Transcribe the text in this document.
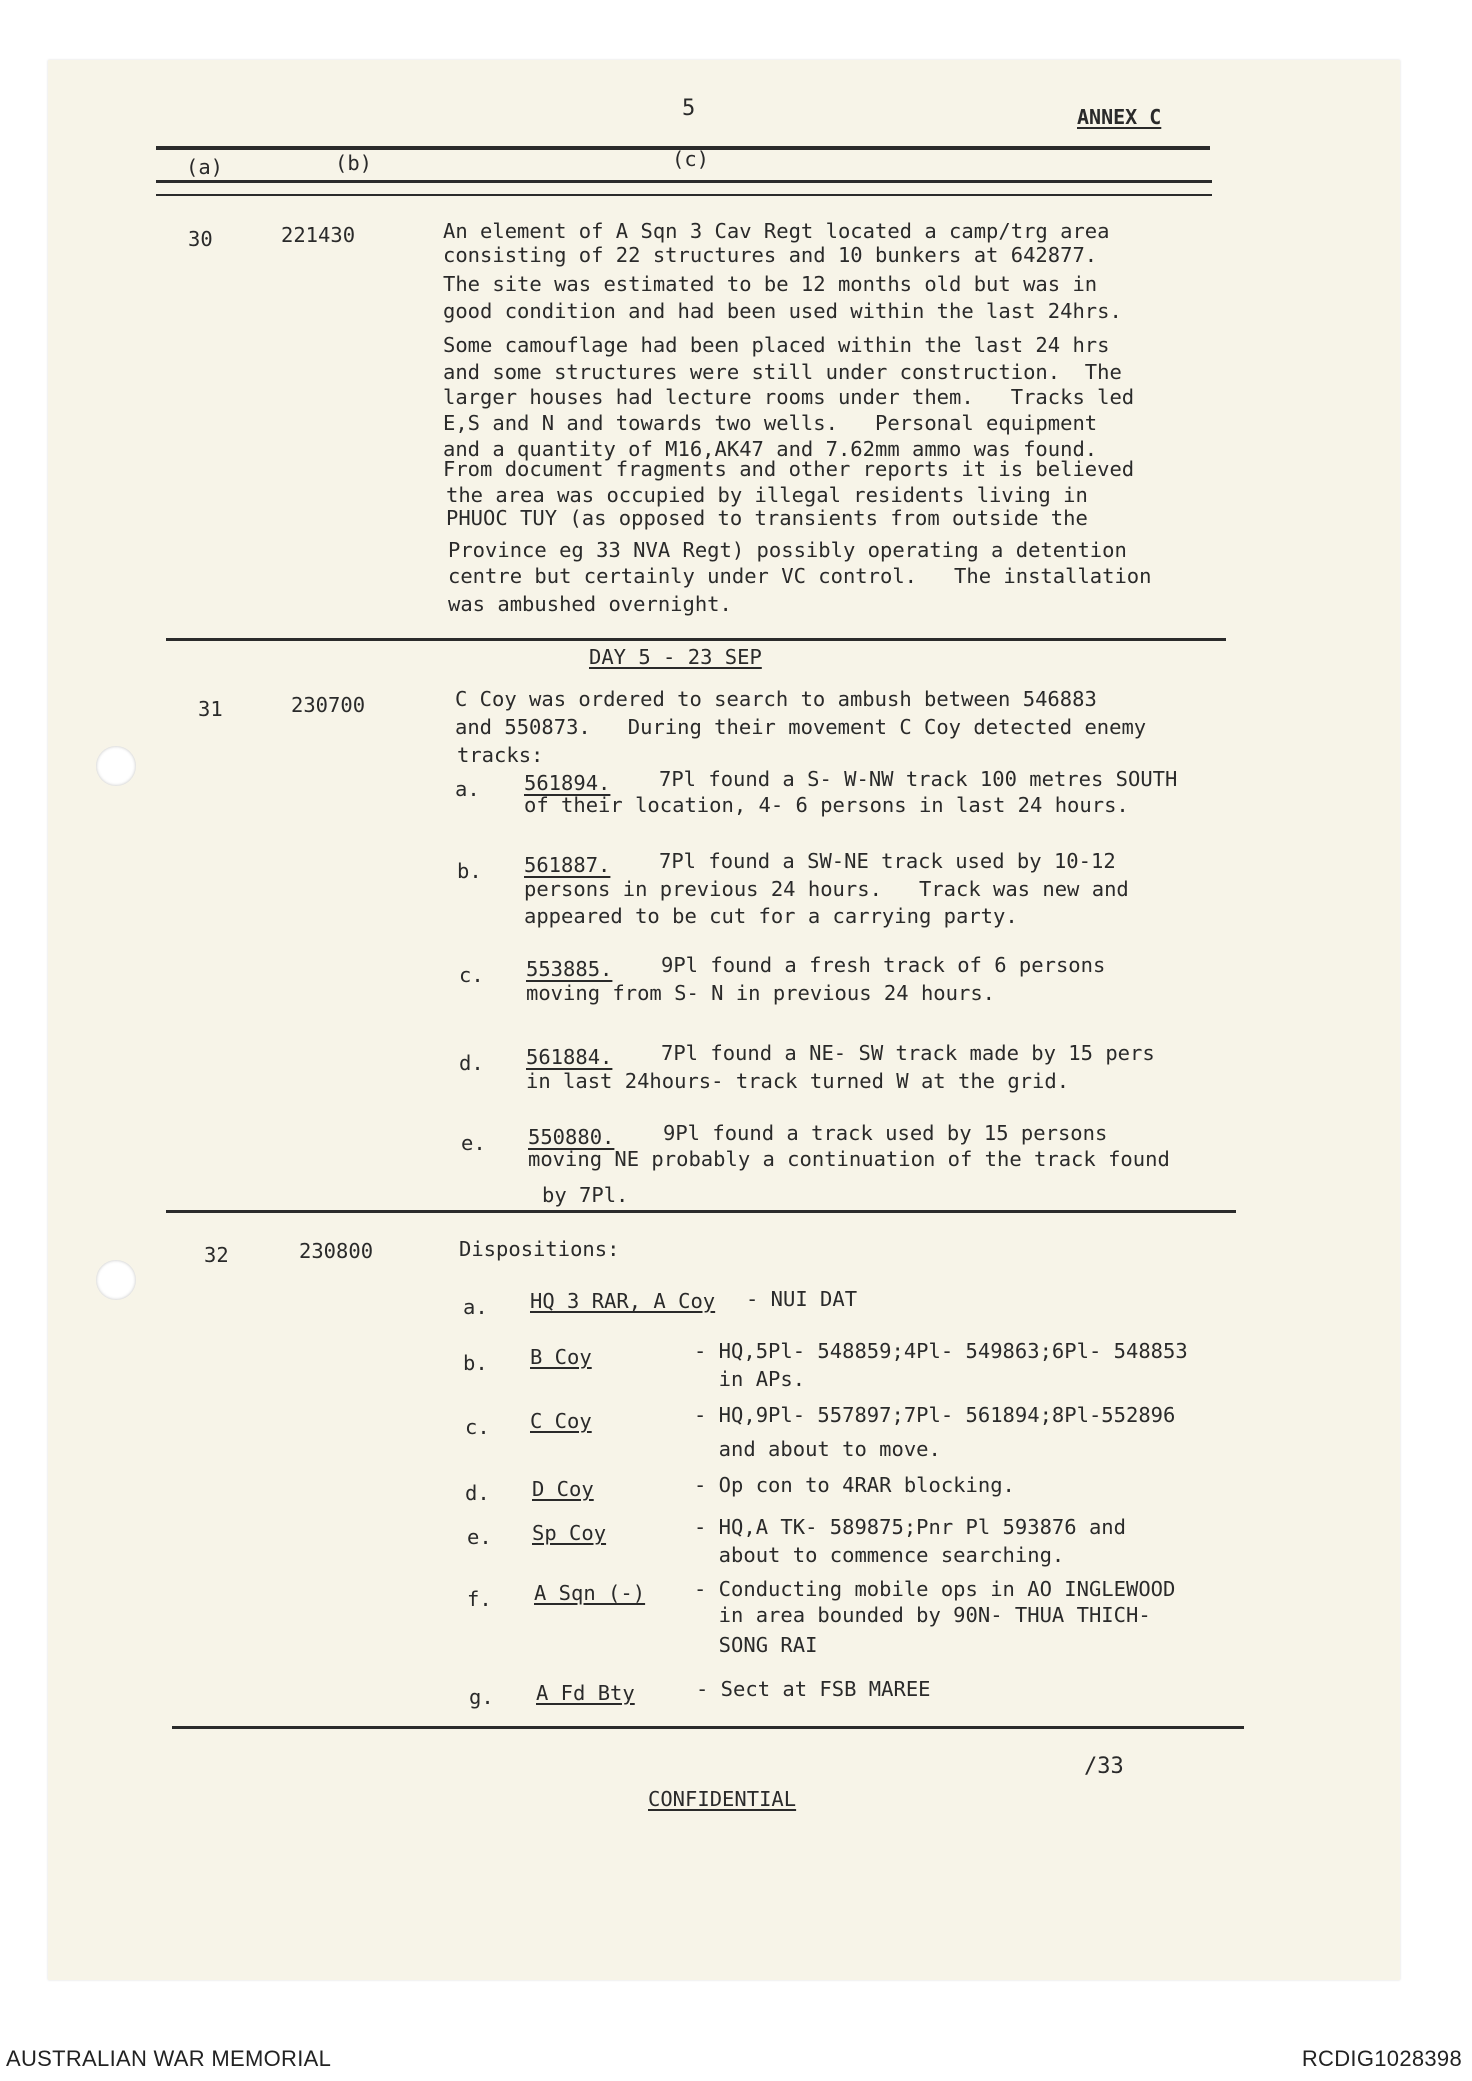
5	ANNEX C
(a)	(b)	(c)
30	221430	An element of A Sqn 3 Cav Regt located a camp/trg area
consisting of 22 structures and 10 bunkers at 642877.
The site was estimated to be 12 months old but was in
good condition and had been used within the last 24hrs.
Some camouflage had been placed within the last 24 hrs
and some structures were still under construction.  The
larger houses had lecture rooms under them.   Tracks led
E,S and N and towards two wells.   Personal equipment
and a quantity of M16,AK47 and 7.62mm ammo was found.
From document fragments and other reports it is believed
the area was occupied by illegal residents living in
PHUOC TUY (as opposed to transients from outside the
Province eg 33 NVA Regt) possibly operating a detention
centre but certainly under VC control.   The installation
was ambushed overnight.
DAY 5 - 23 SEP
31	230700	C Coy was ordered to search to ambush between 546883
and 550873.   During their movement C Coy detected enemy
tracks:
a. 561894. 7Pl found a S- W-NW track 100 metres SOUTH
of their location, 4- 6 persons in last 24 hours.
b. 561887. 7Pl found a SW-NE track used by 10-12
persons in previous 24 hours.   Track was new and
appeared to be cut for a carrying party.
c. 553885. 9Pl found a fresh track of 6 persons
moving from S- N in previous 24 hours.
d. 561884. 7Pl found a NE- SW track made by 15 pers
in last 24hours- track turned W at the grid.
e. 550880. 9Pl found a track used by 15 persons
moving NE probably a continuation of the track found
by 7Pl.
32	230800	Dispositions:
a. HQ 3 RAR, A Coy - NUI DAT
b. B Coy	- HQ,5Pl- 548859;4Pl- 549863;6Pl- 548853
in APs.
c. C Coy	- HQ,9Pl- 557897;7Pl- 561894;8Pl-552896
and about to move.
d. D Coy	- Op con to 4RAR blocking.
e. Sp Coy	- HQ,A TK- 589875;Pnr Pl 593876 and
about to commence searching.
f. A Sqn (-) - Conducting mobile ops in AO INGLEWOOD
in area bounded by 90N- THUA THICH-
SONG RAI
g. A Fd Bty	- Sect at FSB MAREE
/33
CONFIDENTIAL
AUSTRALIAN WAR MEMORIAL	RCDIG1028398
